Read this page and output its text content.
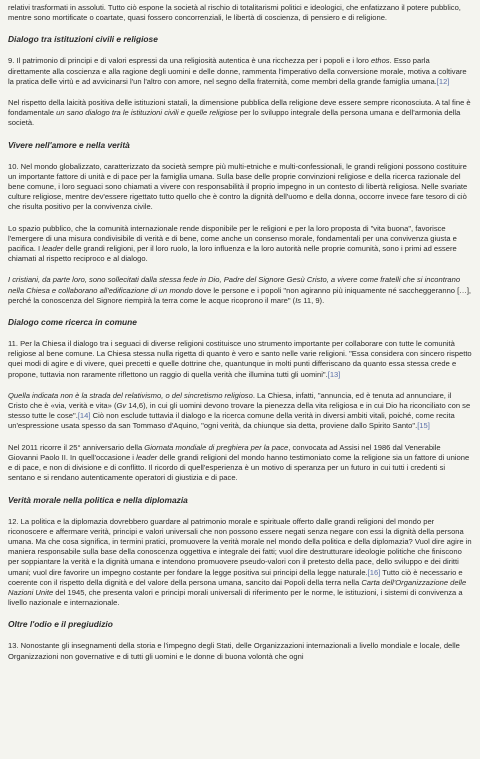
relativi trasformati in assoluti. Tutto ciò espone la società al rischio di totalitarismi politici e ideologici, che enfatizzano il potere pubblico, mentre sono mortificate o coartate, quasi fossero concorrenziali, le libertà di coscienza, di pensiero e di religione.

Dialogo tra istituzioni civili e religiose

9. Il patrimonio di principi e di valori espressi da una religiosità autentica è una ricchezza per i popoli e i loro ethos. Esso parla direttamente alla coscienza e alla ragione degli uomini e delle donne, rammenta l'imperativo della conversione morale, motiva a coltivare la pratica delle virtù e ad avvicinarsi l'un l'altro con amore, nel segno della fraternità, come membri della grande famiglia umana.[12]

Nel rispetto della laicità positiva delle istituzioni statali, la dimensione pubblica della religione deve essere sempre riconosciuta. A tal fine è fondamentale un sano dialogo tra le istituzioni civili e quelle religiose per lo sviluppo integrale della persona umana e dell'armonia della società.

Vivere nell'amore e nella verità

10. Nel mondo globalizzato, caratterizzato da società sempre più multi-etniche e multi-confessionali, le grandi religioni possono costituire un importante fattore di unità e di pace per la famiglia umana. Sulla base delle proprie convinzioni religiose e della ricerca razionale del bene comune, i loro seguaci sono chiamati a vivere con responsabilità il proprio impegno in un contesto di libertà religiosa. Nelle svariate culture religiose, mentre dev'essere rigettato tutto quello che è contro la dignità dell'uomo e della donna, occorre invece fare tesoro di ciò che risulta positivo per la convivenza civile.

Lo spazio pubblico, che la comunità internazionale rende disponibile per le religioni e per la loro proposta di "vita buona", favorisce l'emergere di una misura condivisibile di verità e di bene, come anche un consenso morale, fondamentali per una convivenza giusta e pacifica. I leader delle grandi religioni, per il loro ruolo, la loro influenza e la loro autorità nelle proprie comunità, sono i primi ad essere chiamati al rispetto reciproco e al dialogo.

I cristiani, da parte loro, sono sollecitati dalla stessa fede in Dio, Padre del Signore Gesù Cristo, a vivere come fratelli che si incontrano nella Chiesa e collaborano all'edificazione di un mondo dove le persone e i popoli "non agiranno più iniquamente né saccheggeranno […], perché la conoscenza del Signore riempirà la terra come le acque ricoprono il mare" (Is 11, 9).

Dialogo come ricerca in comune

11. Per la Chiesa il dialogo tra i seguaci di diverse religioni costituisce uno strumento importante per collaborare con tutte le comunità religiose al bene comune. La Chiesa stessa nulla rigetta di quanto è vero e santo nelle varie religioni. "Essa considera con sincero rispetto quei modi di agire e di vivere, quei precetti e quelle dottrine che, quantunque in molti punti differiscano da quanto essa stessa crede e propone, tuttavia non raramente riflettono un raggio di quella verità che illumina tutti gli uomini".[13]

Quella indicata non è la strada del relativismo, o del sincretismo religioso. La Chiesa, infatti, "annuncia, ed è tenuta ad annunciare, il Cristo che è «via, verità e vita» (Gv 14,6), in cui gli uomini devono trovare la pienezza della vita religiosa e in cui Dio ha riconciliato con se stesso tutte le cose".[14] Ciò non esclude tuttavia il dialogo e la ricerca comune della verità in diversi ambiti vitali, poiché, come recita un'espressione usata spesso da san Tommaso d'Aquino, "ogni verità, da chiunque sia detta, proviene dallo Spirito Santo".[15]

Nel 2011 ricorre il 25° anniversario della Giornata mondiale di preghiera per la pace, convocata ad Assisi nel 1986 dal Venerabile Giovanni Paolo II. In quell'occasione i leader delle grandi religioni del mondo hanno testimoniato come la religione sia un fattore di unione e di pace, e non di divisione e di conflitto. Il ricordo di quell'esperienza è un motivo di speranza per un futuro in cui tutti i credenti si sentano e si rendano autenticamente operatori di giustizia e di pace.

Verità morale nella politica e nella diplomazia

12. La politica e la diplomazia dovrebbero guardare al patrimonio morale e spirituale offerto dalle grandi religioni del mondo per riconoscere e affermare verità, principi e valori universali che non possono essere negati senza negare con essi la dignità della persona umana. Ma che cosa significa, in termini pratici, promuovere la verità morale nel mondo della politica e della diplomazia? Vuol dire agire in maniera responsabile sulla base della conoscenza oggettiva e integrale dei fatti; vuol dire destrutturare ideologie politiche che finiscono per soppiantare la verità e la dignità umana e intendono promuovere pseudo-valori con il pretesto della pace, dello sviluppo e dei diritti umani; vuol dire favorire un impegno costante per fondare la legge positiva sui principi della legge naturale.[16] Tutto ciò è necessario e coerente con il rispetto della dignità e del valore della persona umana, sancito dai Popoli della terra nella Carta dell'Organizzazione delle Nazioni Unite del 1945, che presenta valori e principi morali universali di riferimento per le norme, le istituzioni, i sistemi di convivenza a livello nazionale e internazionale.

Oltre l'odio e il pregiudizio

13. Nonostante gli insegnamenti della storia e l'impegno degli Stati, delle Organizzazioni internazionali a livello mondiale e locale, delle Organizzazioni non governative e di tutti gli uomini e le donne di buona volontà che ogni
